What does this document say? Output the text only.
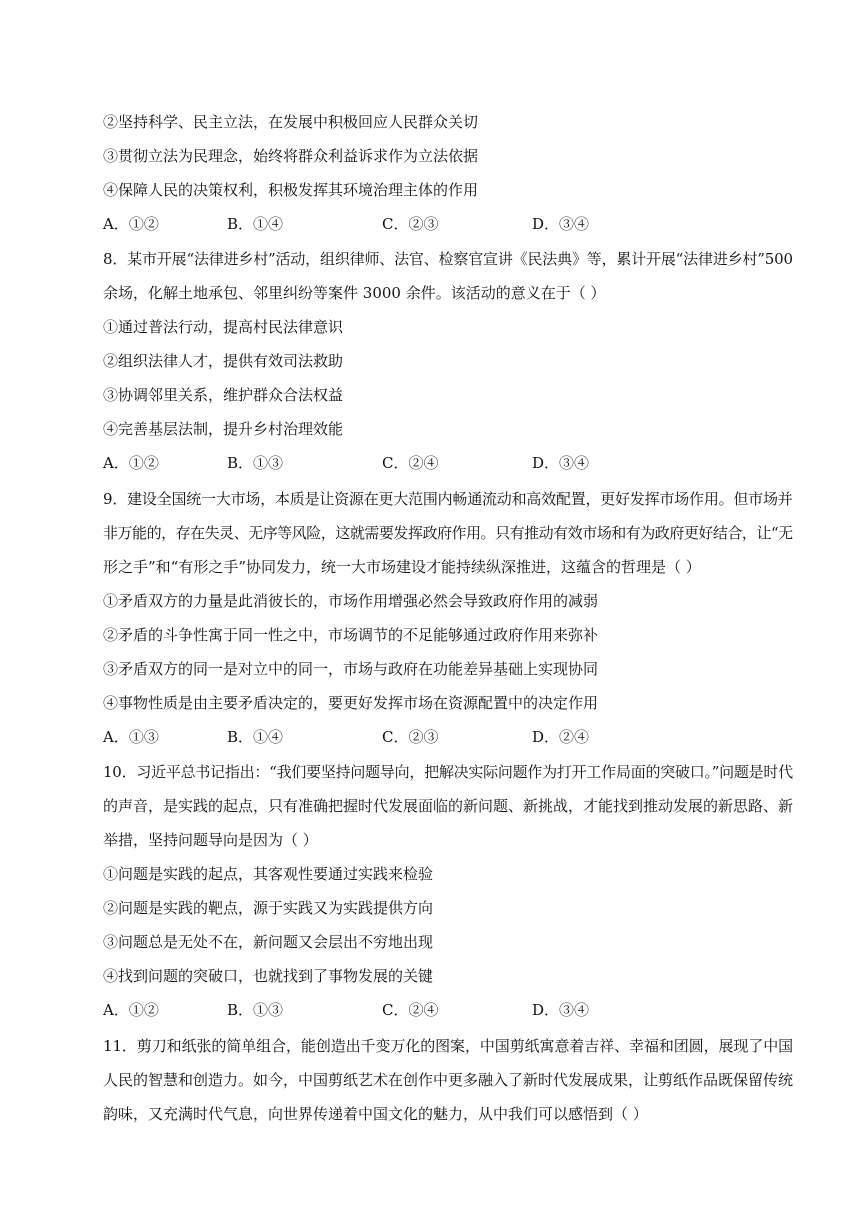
②坚持科学、民主立法，在发展中积极回应人民群众关切
③贯彻立法为民理念，始终将群众利益诉求作为立法依据
④保障人民的决策权利，积极发挥其环境治理主体的作用
A．①②	B．①④	C．②③	D．③④
8．某市开展“法律进乡村”活动，组织律师、法官、检察官宣讲《民法典》等，累计开展“法律进乡村”500
余场，化解土地承包、邻里纠纷等案件 3000 余件。该活动的意义在于（ ）
①通过普法行动，提高村民法律意识
②组织法律人才，提供有效司法救助
③协调邻里关系，维护群众合法权益
④完善基层法制，提升乡村治理效能
A．①②	B．①③	C．②④	D．③④
9．建设全国统一大市场，本质是让资源在更大范围内畅通流动和高效配置，更好发挥市场作用。但市场并
非万能的，存在失灵、无序等风险，这就需要发挥政府作用。只有推动有效市场和有为政府更好结合，让“无
形之手”和“有形之手”协同发力，统一大市场建设才能持续纵深推进，这蕴含的哲理是（ ）
①矛盾双方的力量是此消彼长的，市场作用增强必然会导致政府作用的减弱
②矛盾的斗争性寓于同一性之中，市场调节的不足能够通过政府作用来弥补
③矛盾双方的同一是对立中的同一，市场与政府在功能差异基础上实现协同
④事物性质是由主要矛盾决定的，要更好发挥市场在资源配置中的决定作用
A．①③	B．①④	C．②③	D．②④
10．习近平总书记指出：“我们要坚持问题导向，把解决实际问题作为打开工作局面的突破口。”问题是时代
的声音，是实践的起点，只有准确把握时代发展面临的新问题、新挑战，才能找到推动发展的新思路、新
举措，坚持问题导向是因为（ ）
①问题是实践的起点，其客观性要通过实践来检验
②问题是实践的靶点，源于实践又为实践提供方向
③问题总是无处不在，新问题又会层出不穷地出现
④找到问题的突破口，也就找到了事物发展的关键
A．①②	B．①③	C．②④	D．③④
11．剪刀和纸张的简单组合，能创造出千变万化的图案，中国剪纸寓意着吉祥、幸福和团圆，展现了中国
人民的智慧和创造力。如今，中国剪纸艺术在创作中更多融入了新时代发展成果，让剪纸作品既保留传统
韵味，又充满时代气息，向世界传递着中国文化的魅力，从中我们可以感悟到（ ）
